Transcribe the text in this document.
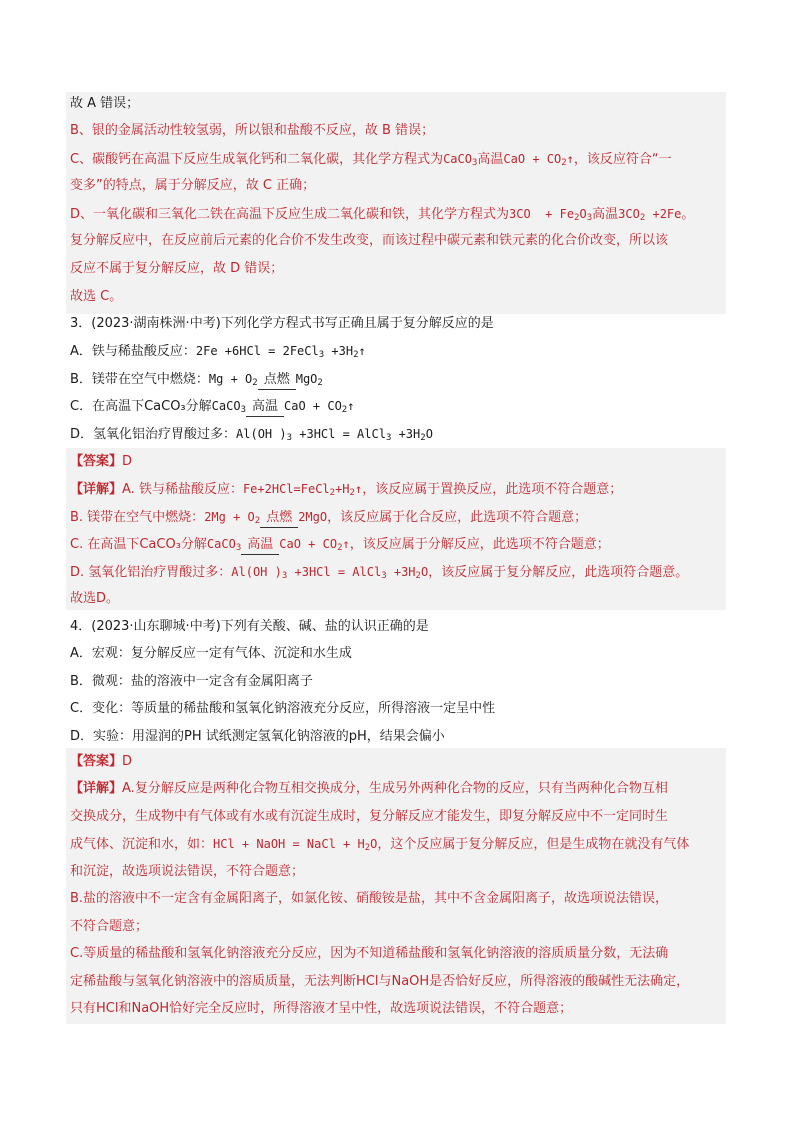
故 A 错误；
B、银的金属活动性较氢弱，所以银和盐酸不反应，故 B 错误；
C、碳酸钙在高温下反应生成氧化钙和二氧化碳，其化学方程式为CaCO$_3$高温CaO + $CO_2↑$，该反应符合“一
变多”的特点，属于分解反应，故 C 正确；
D、一氧化碳和三氧化二铁在高温下反应生成二氧化碳和铁，其化学方程式为$3CO + Fe_2O_3$高温$3CO_2 +2Fe$。
复分解反应中，在反应前后元素的化合价不发生改变，而该过程中碳元素和铁元素的化合价改变，所以该
反应不属于复分解反应，故 D 错误；
故选 C。
3．(2023·湖南株洲·中考)下列化学方程式书写正确且属于复分解反应的是
A．铁与稀盐酸反应：2Fe +6HCl = 2FeCl$_3$ $+3H_2↑$
B．镁带在空气中燃烧：$Mg + O_2$ 点燃 MgO$_2$
C．在高温下CaCO₃分解CaCO$_3$ 高温 CaO + $CO_2↑$
D．氢氧化铝治疗胃酸过多：Al(OH )$_3 +3HCl$ = AlCl$_3$ $+3H_2O$
【答案】D
【详解】A. 铁与稀盐酸反应：$Fe+2HCl=FeCl_2+H_2↑$，该反应属于置换反应，此选项不符合题意；
B. 镁带在空气中燃烧：$2Mg + O_2$ 点燃 2MgO，该反应属于化合反应，此选项不符合题意；
C. 在高温下CaCO₃分解CaCO$_3$ 高温 CaO + $CO_2↑$，该反应属于分解反应，此选项不符合题意；
D. 氢氧化铝治疗胃酸过多：Al(OH )$_3 +3HCl$ = AlCl$_3$ $+3H_2O$，该反应属于复分解反应，此选项符合题意。
故选D。
4．(2023·山东聊城·中考)下列有关酸、碱、盐的认识正确的是
A．宏观：复分解反应一定有气体、沉淀和水生成
B．微观：盐的溶液中一定含有金属阳离子
C．变化：等质量的稀盐酸和氢氧化钠溶液充分反应，所得溶液一定呈中性
D．实验：用湿润的PH 试纸测定氢氧化钠溶液的pH，结果会偏小
【答案】D
【详解】A.复分解反应是两种化合物互相交换成分，生成另外两种化合物的反应，只有当两种化合物互相
交换成分，生成物中有气体或有水或有沉淀生成时，复分解反应才能发生，即复分解反应中不一定同时生
成气体、沉淀和水，如：HCl + NaOH = NaCl + $H_2O$，这个反应属于复分解反应，但是生成物在就没有气体
和沉淀，故选项说法错误，不符合题意；
B.盐的溶液中不一定含有金属阳离子，如氯化铵、硝酸铵是盐，其中不含金属阳离子，故选项说法错误，
不符合题意；
C.等质量的稀盐酸和氢氧化钠溶液充分反应，因为不知道稀盐酸和氢氧化钠溶液的溶质质量分数，无法确
定稀盐酸与氢氧化钠溶液中的溶质质量，无法判断HCl与NaOH是否恰好反应，所得溶液的酸碱性无法确定，
只有HCl和NaOH恰好完全反应时，所得溶液才呈中性，故选项说法错误，不符合题意；
